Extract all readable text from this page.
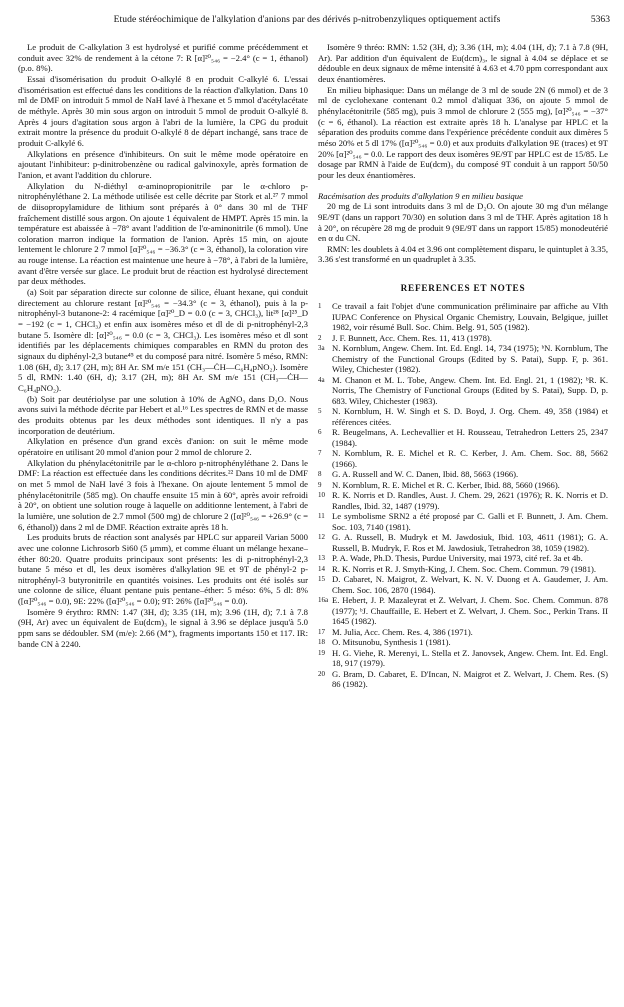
Etude stéréochimique de l'alkylation d'anions par des dérivés p-nitrobenzyliques optiquement actifs	5363

Le produit de C-alkylation 3 est hydrolysé et purifié comme précédemment et conduit avec 32% de rendement à la cétone 7: R [α]²⁰₅₄₆ = −2.4° (c = 1, éthanol) (p.o. 8%).

Essai d'isomérisation du produit O-alkylé 8 en produit C-alkylé 6. L'essai d'isomérisation est effectué dans les conditions de la réaction d'alkylation. Dans 10 ml de DMF on introduit 5 mmol de NaH lavé à l'hexane et 5 mmol d'acétylacétate de méthyle. Après 30 min sous argon on introduit 5 mmol de produit O-alkylé 8. Après 4 jours d'agitation sous argon à l'abri de la lumière, la CPG du produit extrait montre la présence du produit O-alkylé 8 de départ inchangé, sans trace de produit C-alkylé 6.

Alkylations en présence d'inhibiteurs. On suit le même mode opératoire en ajoutant l'inhibiteur: p-dinitrobenzène ou radical galvinoxyle, après formation de l'anion, et avant l'addition du chlorure.

Alkylation du N-diéthyl α-aminopropionitrile par le α-chloro p-nitrophényléthane 2. La méthode utilisée est celle décrite par Stork et al.²⁷ 7 mmol de diisopropylamidure de lithium sont préparés à 0° dans 30 ml de THF fraîchement distillé sous argon. On ajoute 1 équivalent de HMPT. Après 15 min. la température est abaissée à −78° avant l'addition de l'α-aminonitrile (6 mmol). Une coloration marron indique la formation de l'anion. Après 15 min, on ajoute lentement le chlorure 2 7 mmol [α]²⁰₅₄₆ = −36.3° (c = 3, éthanol), la coloration vire au rouge intense. La réaction est maintenue une heure à −78°, à l'abri de la lumière, avant d'être versée sur glace. Le produit brut de réaction est hydrolysé directement par deux méthodes.

(a) Soit par séparation directe sur colonne de silice, éluant hexane, qui conduit directement au chlorure restant [α]²⁰₅₄₆ = −34.3° (c = 3, éthanol), puis à la p-nitrophényl-3 butanone-2: 4 racémique [α]²⁰_D = 0.0 (c = 3, CHCl₃), lit²⁸ [α]²⁵_D = −192 (c = 1, CHCl₃) et enfin aux isomères méso et dl de di p-nitrophényl-2,3 butane 5. Isomère dl: [α]²⁰₅₄₆ = 0.0 (c = 3, CHCl₃). Les isomères méso et dl sont identifiés par les déplacements chimiques comparables en RMN du proton des signaux du diphényl-2,3 butane⁴⁵ et du composé para nitré. Isomère 5 méso, RMN: 1.08 (6H, d); 3.17 (2H, m); 8H Ar. SM m/e 151 (CH₃—ĊH—C₆H₄pNO₂). Isomère 5 dl, RMN: 1.40 (6H, d); 3.17 (2H, m); 8H Ar. SM m/e 151 (CH₃—ĊH—C₆H₄pNO₂).

(b) Soit par deutériolyse par une solution à 10% de AgNO₃ dans D₂O. Nous avons suivi la méthode décrite par Hebert et al.¹⁶ Les spectres de RMN et de masse des produits obtenus par les deux méthodes sont identiques. Il n'y a pas incorporation de deutérium.

Alkylation en présence d'un grand excès d'anion: on suit le même mode opératoire en utilisant 20 mmol d'anion pour 2 mmol de chlorure 2.

Alkylation du phénylacétonitrile par le α-chloro p-nitrophényléthane 2. Dans le DMF: La réaction est effectuée dans les conditions décrites.²² Dans 10 ml de DMF on met 5 mmol de NaH lavé 3 fois à l'hexane. On ajoute lentement 5 mmol de phénylacétonitrile (585 mg). On chauffe ensuite 15 min à 60°, après avoir refroidi à 20°, on obtient une solution rouge à laquelle on additionne lentement, à l'abri de la lumière, une solution de 2.7 mmol (500 mg) de chlorure 2 ([α]²⁰₅₄₆ = +26.9° (c = 6, éthanol)) dans 2 ml de DMF. Réaction extraite après 18 h.

Les produits bruts de réaction sont analysés par HPLC sur appareil Varian 5000 avec une colonne Lichrosorb Si60 (5 μmm), et comme éluant un mélange hexane–éther 80:20. Quatre produits principaux sont présents: les di p-nitrophényl-2,3 butane 5 méso et dl, les deux isomères d'alkylation 9E et 9T de phényl-2 p-nitrophényl-3 butyronitrile en quantités voisines. Les produits ont été isolés sur une colonne de silice, éluant pentane puis pentane–éther: 5 méso: 6%, 5 dl: 8% ([α]²⁰₅₄₆ = 0.0), 9E: 22% ([α]²⁰₅₄₆ = 0.0); 9T: 26% ([α]²⁰₅₄₆ = 0.0).

Isomère 9 érythro: RMN: 1.47 (3H, d); 3.35 (1H, m); 3.96 (1H, d); 7.1 à 7.8 (9H, Ar) avec un équivalent de Eu(dcm)₃ le signal à 3.96 se déplace jusqu'à 5.0 ppm sans se dédoubler. SM (m/e): 2.66 (M⁺), fragments importants 150 et 117. IR: bande CN à 2240.

Isomère 9 thréo: RMN: 1.52 (3H, d); 3.36 (1H, m); 4.04 (1H, d); 7.1 à 7.8 (9H, Ar). Par addition d'un équivalent de Eu(dcm)₃, le signal à 4.04 se déplace et se dédouble en deux signaux de même intensité à 4.63 et 4.70 ppm correspondant aux deux énantiomères.

En milieu biphasique: Dans un mélange de 3 ml de soude 2N (6 mmol) et de 3 ml de cyclohexane contenant 0.2 mmol d'aliquat 336, on ajoute 5 mmol de phénylacétonitrile (585 mg), puis 3 mmol de chlorure 2 (555 mg), [α]²⁰₅₄₆ = −37° (c = 6, éthanol). La réaction est extraite après 18 h. L'analyse par HPLC et la séparation des produits comme dans l'expérience précédente conduit aux dimères 5 méso 20% et 5 dl 17% ([α]²⁰₅₄₆ = 0.0) et aux produits d'alkylation 9E (traces) et 9T 20% [α]²⁰₅₄₆ = 0.0. Le rapport des deux isomères 9E/9T par HPLC est de 15/85. Le dosage par RMN à l'aide de Eu(dcm)₃ du composé 9T conduit à un rapport 50/50 pour les deux énantiomères.

Racémisation des produits d'alkylation 9 en milieu basique

20 mg de Li sont introduits dans 3 ml de D₂O. On ajoute 30 mg d'un mélange 9E/9T (dans un rapport 70/30) en solution dans 3 ml de THF. Après agitation 18 h à 20°, on récupère 28 mg de produit 9 (9E/9T dans un rapport 15/85) monodeutérié en α du CN.

RMN: les doublets à 4.04 et 3.96 ont complètement disparu, le quintuplet à 3.35, 3.36 s'est transformé en un quadruplet à 3.35.

REFERENCES ET NOTES
1 Ce travail a fait l'objet d'une communication préliminaire par affiche au VIth IUPAC Conference on Physical Organic Chemistry, Louvain, Belgique, juillet 1982, voir résumé Bull. Soc. Chim. Belg. 91, 505 (1982).
2 J. F. Bunnett, Acc. Chem. Res. 11, 413 (1978).
3a N. Kornblum, Angew. Chem. Int. Ed. Engl. 14, 734 (1975); ᵇN. Kornblum, The Chemistry of the Functional Groups (Edited by S. Patai), Supp. F, p. 361. Wiley, Chichester (1982).
4a M. Chanon et M. L. Tobe, Angew. Chem. Int. Ed. Engl. 21, 1 (1982); ᵇR. K. Norris, The Chemistry of Functional Groups (Edited by S. Patai), Supp. D, p. 683. Wiley, Chichester (1983).
5 N. Kornblum, H. W. Singh et S. D. Boyd, J. Org. Chem. 49, 358 (1984) et références citées.
6 R. Beugelmans, A. Lechevallier et H. Rousseau, Tetrahedron Letters 25, 2347 (1984).
7 N. Kornblum, R. E. Michel et R. C. Kerber, J. Am. Chem. Soc. 88, 5662 (1966).
8 G. A. Russell and W. C. Danen, Ibid. 88, 5663 (1966).
9 N. Kornblum, R. E. Michel et R. C. Kerber, Ibid. 88, 5660 (1966).
10 R. K. Norris et D. Randles, Aust. J. Chem. 29, 2621 (1976); R. K. Norris et D. Randles, Ibid. 32, 1487 (1979).
11 Le symbolisme SRN2 a été proposé par C. Galli et F. Bunnett, J. Am. Chem. Soc. 103, 7140 (1981).
12 G. A. Russell, B. Mudryk et M. Jawdosiuk, Ibid. 103, 4611 (1981); G. A. Russell, B. Mudryk, F. Ros et M. Jawdosiuk, Tetrahedron 38, 1059 (1982).
13 P. A. Wade, Ph.D. Thesis, Purdue University, mai 1973, cité ref. 3a et 4b.
14 R. K. Norris et R. J. Smyth-King, J. Chem. Soc. Chem. Commun. 79 (1981).
15 D. Cabaret, N. Maigrot, Z. Welvart, K. N. V. Duong et A. Gaudemer, J. Am. Chem. Soc. 106, 2870 (1984).
16a E. Hebert, J. P. Mazaleyrat et Z. Welvart, J. Chem. Soc. Chem. Commun. 878 (1977); ᵇJ. Chauffaille, E. Hebert et Z. Welvart, J. Chem. Soc., Perkin Trans. II 1645 (1982).
17 M. Julia, Acc. Chem. Res. 4, 386 (1971).
18 O. Mitsunobu, Synthesis 1 (1981).
19 H. G. Viehe, R. Merenyi, L. Stella et Z. Janovsek, Angew. Chem. Int. Ed. Engl. 18, 917 (1979).
20 G. Bram, D. Cabaret, E. D'Incan, N. Maigrot et Z. Welvart, J. Chem. Res. (S) 86 (1982).
